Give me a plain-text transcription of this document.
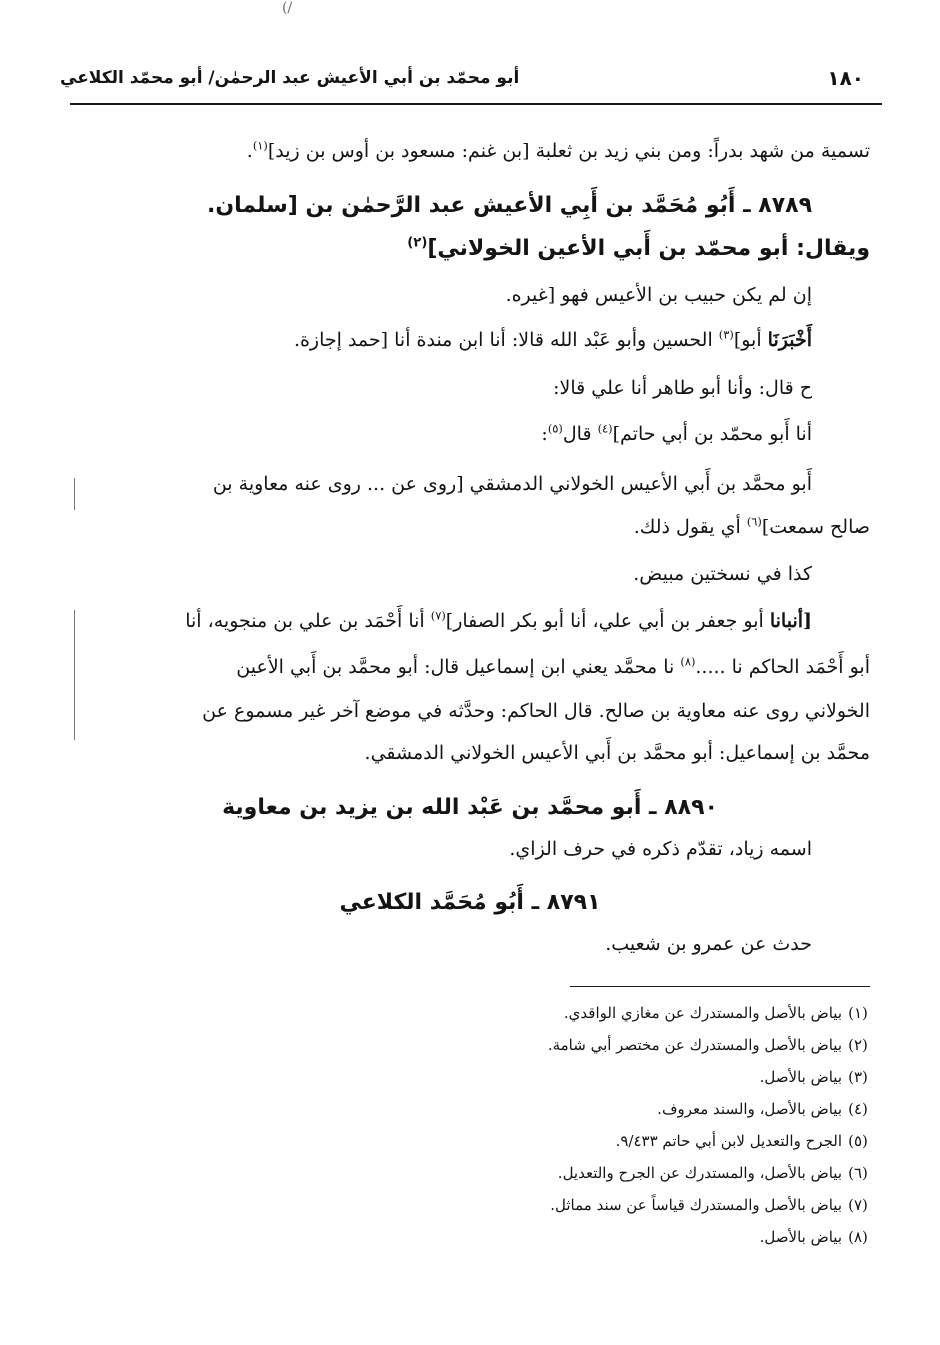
(/
أبو محمّد بن أبي الأعيش عبد الرحمٰن/ أبو محمّد الكلاعي	١٨٠
تسمية من شهد بدراً: ومن بني زيد بن ثعلبة [بن غنم: مسعود بن أوس بن زيد]$^{(١)}$.
٨٧٨٩ ـ أَبُو مُحَمَّد بن أَبِي الأعيش عبد الرَّحمٰن بن [سلمان.
ويقال: أبو محمّد بن أَبي الأعين الخولاني]$^{(٢)}$
إن لم يكن حبيب بن الأعيس فهو [غيره.
أَخْبَرَنَا أبو]$^{(٣)}$ الحسين وأبو عَبْد الله قالا: أنا ابن مندة أنا [حمد إجازة.
ح قال: وأنا أبو طاهر أنا علي قالا:
أنا أَبو محمّد بن أبي حاتم]$^{(٤)}$ قال$^{(٥)}$:
أَبو محمَّد بن أَبي الأعيس الخولاني الدمشقي [روى عن ... روى عنه معاوية بن
صالح سمعت]$^{(٦)}$ أي يقول ذلك.
كذا في نسختين مبيض.
[أنبانا أبو جعفر بن أبي علي، أنا أبو بكر الصفار]$^{(٧)}$ أنا أَحْمَد بن علي بن منجويه، أنا
أبو أَحْمَد الحاكم نا .....$^{(٨)}$ نا محمَّد يعني ابن إسماعيل قال: أبو محمَّد بن أَبي الأعين
الخولاني روى عنه معاوية بن صالح. قال الحاكم: وحدَّثه في موضع آخر غير مسموع عن
محمَّد بن إسماعيل: أبو محمَّد بن أَبي الأعيس الخولاني الدمشقي.
٨٨٩٠ ـ أَبو محمَّد بن عَبْد الله بن يزيد بن معاوية
اسمه زياد، تقدّم ذكره في حرف الزاي.
٨٧٩١ ـ أَبُو مُحَمَّد الكلاعي
حدث عن عمرو بن شعيب.
(١)بياض بالأصل والمستدرك عن مغازي الواقدي.
(٢)بياض بالأصل والمستدرك عن مختصر أبي شامة.
(٣)بياض بالأصل.
(٤)بياض بالأصل، والسند معروف.
(٥)الجرح والتعديل لابن أبي حاتم ٩/٤٣٣.
(٦)بياض بالأصل، والمستدرك عن الجرح والتعديل.
(٧)بياض بالأصل والمستدرك قياساً عن سند مماثل.
(٨)بياض بالأصل.
